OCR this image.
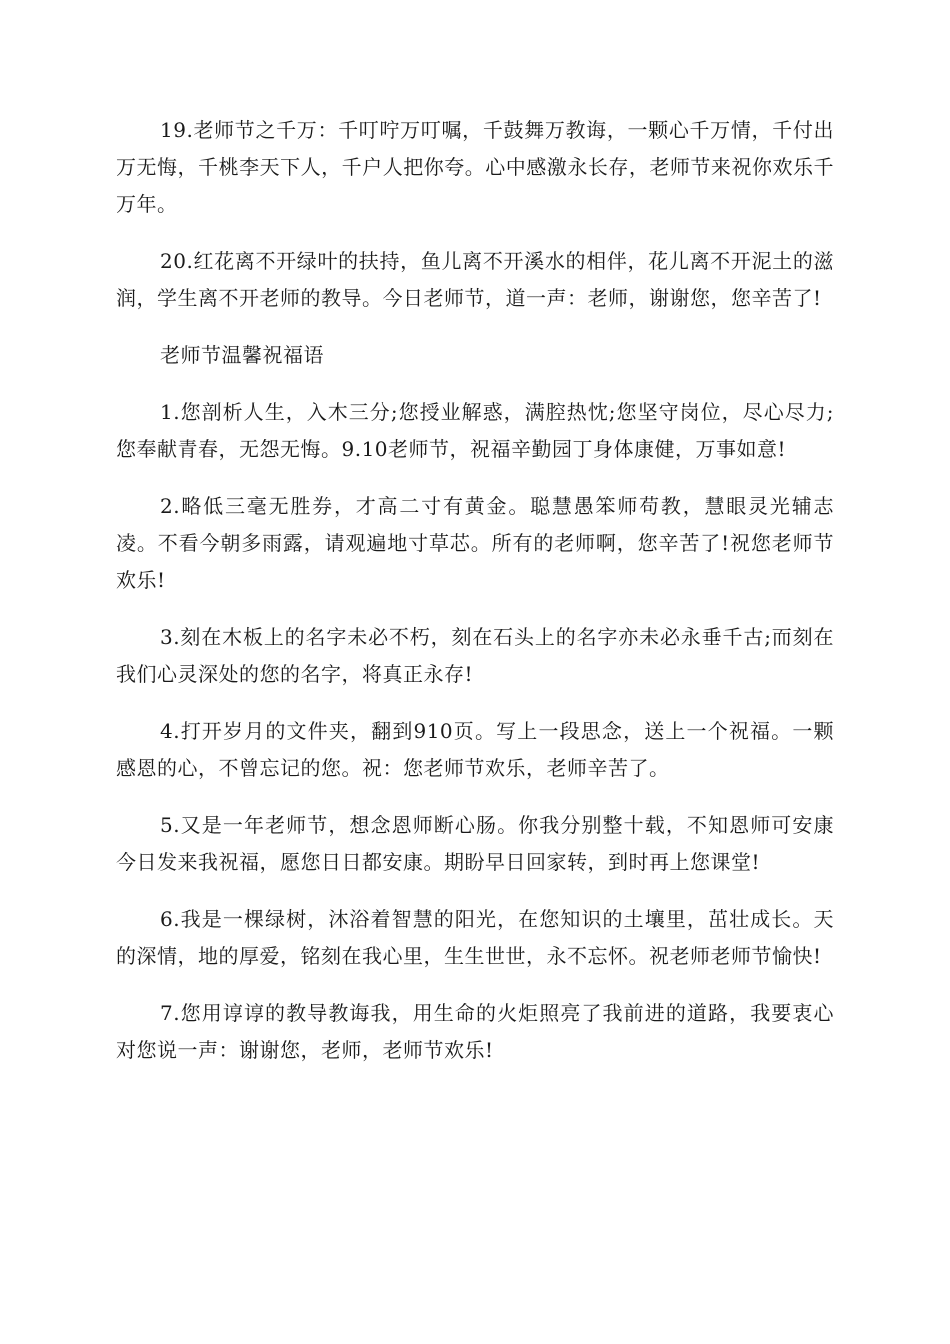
19.老师节之千万：千叮咛万叮嘱，千鼓舞万教诲，一颗心千万情，千付出万无悔，千桃李天下人，千户人把你夸。心中感激永长存，老师节来祝你欢乐千万年。

20.红花离不开绿叶的扶持，鱼儿离不开溪水的相伴，花儿离不开泥土的滋润，学生离不开老师的教导。今日老师节，道一声：老师，谢谢您，您辛苦了!

老师节温馨祝福语

1.您剖析人生，入木三分;您授业解惑，满腔热忱;您坚守岗位，尽心尽力;您奉献青春，无怨无悔。9.10老师节，祝福辛勤园丁身体康健，万事如意!

2.略低三毫无胜券，才高二寸有黄金。聪慧愚笨师苟教，慧眼灵光辅志凌。不看今朝多雨露，请观遍地寸草芯。所有的老师啊，您辛苦了!祝您老师节欢乐!

3.刻在木板上的名字未必不朽，刻在石头上的名字亦未必永垂千古;而刻在我们心灵深处的您的名字，将真正永存!

4.打开岁月的文件夹，翻到910页。写上一段思念，送上一个祝福。一颗感恩的心，不曾忘记的您。祝：您老师节欢乐，老师辛苦了。

5.又是一年老师节，想念恩师断心肠。你我分别整十载，不知恩师可安康今日发来我祝福，愿您日日都安康。期盼早日回家转，到时再上您课堂!

6.我是一棵绿树，沐浴着智慧的阳光，在您知识的土壤里，茁壮成长。天的深情，地的厚爱，铭刻在我心里，生生世世，永不忘怀。祝老师老师节愉快!

7.您用谆谆的教导教诲我，用生命的火炬照亮了我前进的道路，我要衷心对您说一声：谢谢您，老师，老师节欢乐!
